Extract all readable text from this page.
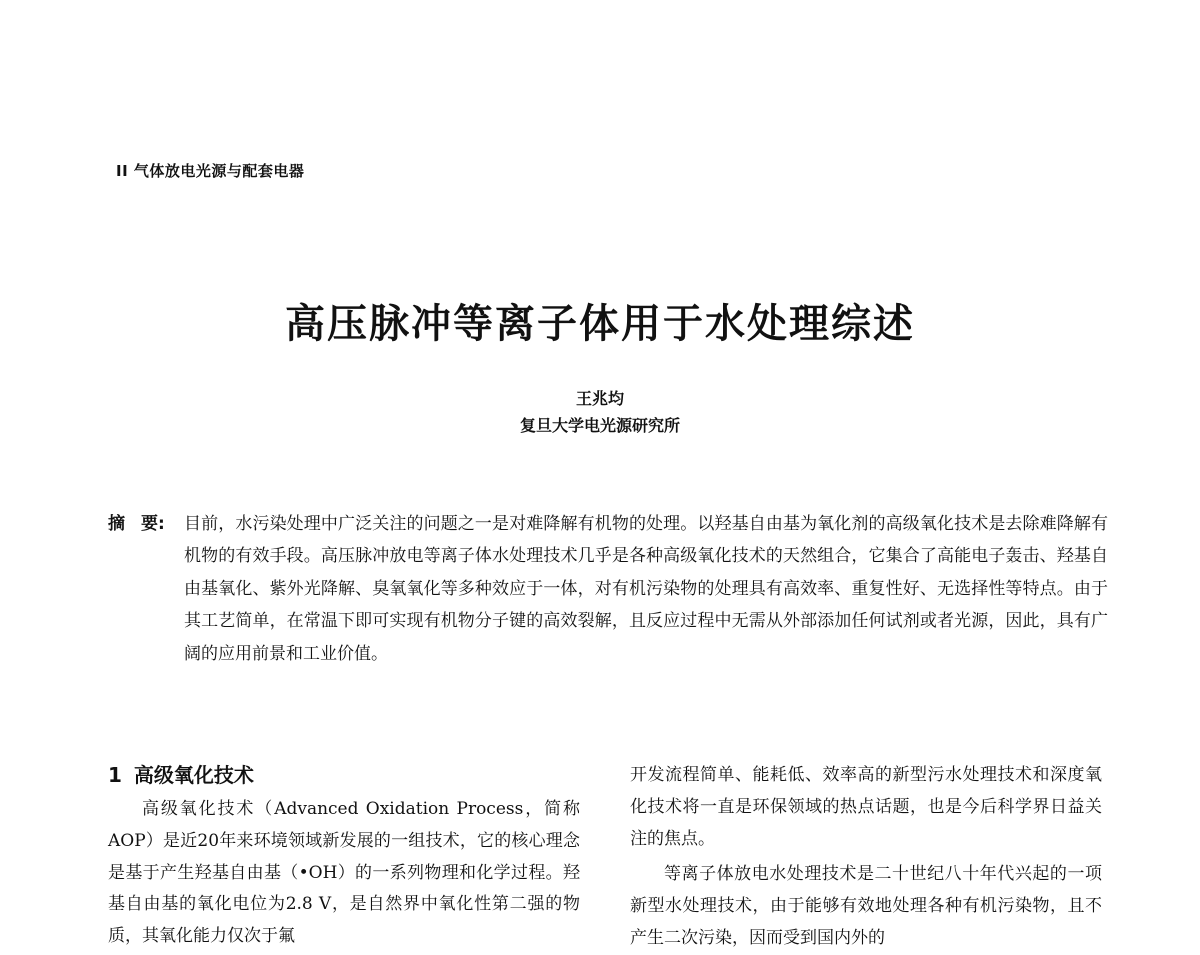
II 气体放电光源与配套电器
高压脉冲等离子体用于水处理综述
王兆均
复旦大学电光源研究所
摘 要:	目前，水污染处理中广泛关注的问题之一是对难降解有机物的处理。以羟基自由基为氧化剂的高级氧化技术是去除难降解有机物的有效手段。高压脉冲放电等离子体水处理技术几乎是各种高级氧化技术的天然组合，它集合了高能电子轰击、羟基自由基氧化、紫外光降解、臭氧氧化等多种效应于一体，对有机污染物的处理具有高效率、重复性好、无选择性等特点。由于其工艺简单，在常温下即可实现有机物分子键的高效裂解，且反应过程中无需从外部添加任何试剂或者光源，因此，具有广阔的应用前景和工业价值。
1 高级氧化技术

高级氧化技术（Advanced Oxidation Process，简称AOP）是近20年来环境领域新发展的一组技术，它的核心理念是基于产生羟基自由基（•OH）的一系列物理和化学过程。羟基自由基的氧化电位为2.8 V，是自然界中氧化性第二强的物质，其氧化能力仅次于氟

开发流程简单、能耗低、效率高的新型污水处理技术和深度氧化技术将一直是环保领域的热点话题，也是今后科学界日益关注的焦点。

等离子体放电水处理技术是二十世纪八十年代兴起的一项新型水处理技术，由于能够有效地处理各种有机污染物，且不产生二次污染，因而受到国内外的
